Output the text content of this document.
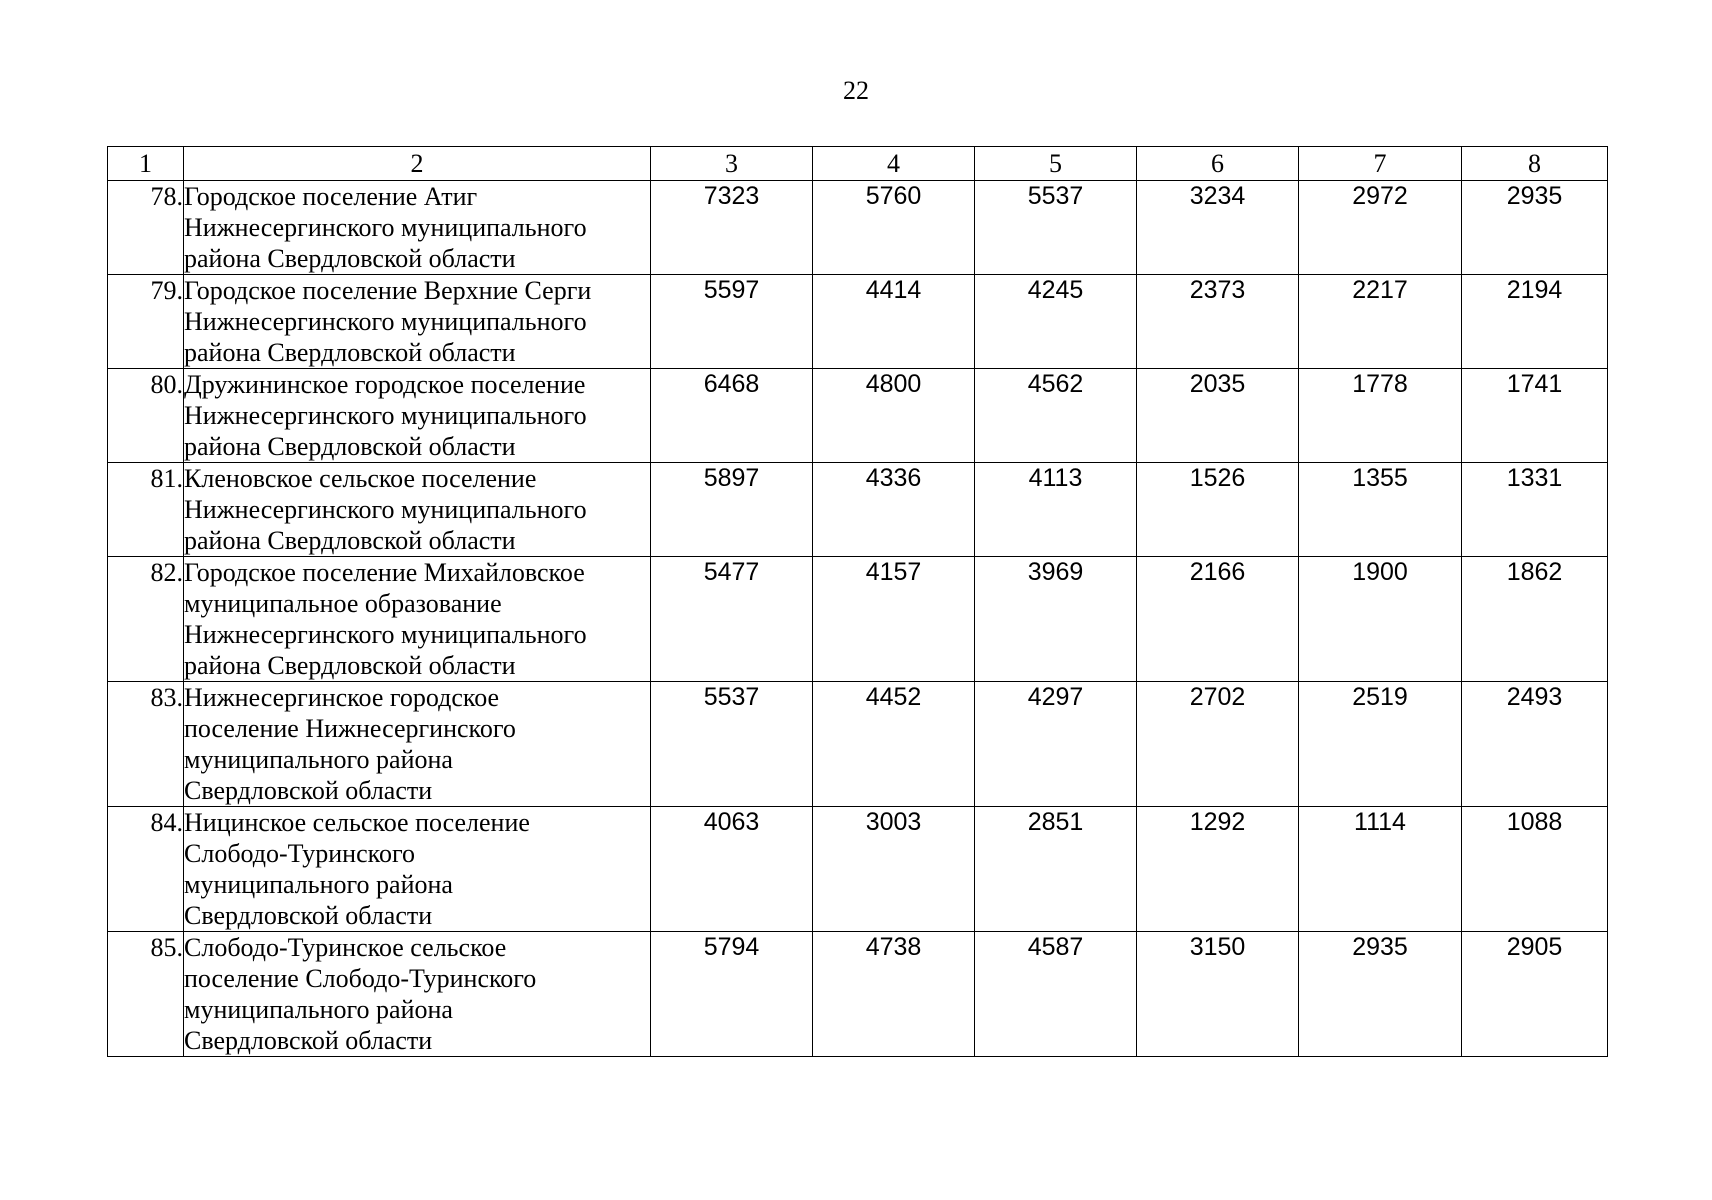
22
1	2	3	4	5	6	7	8
78.	Городское поселение Атиг
Нижнесергинского муниципального
района Свердловской области	7323	5760	5537	3234	2972	2935
79.	Городское поселение Верхние Серги
Нижнесергинского муниципального
района Свердловской области	5597	4414	4245	2373	2217	2194
80.	Дружининское городское поселение
Нижнесергинского муниципального
района Свердловской области	6468	4800	4562	2035	1778	1741
81.	Кленовское сельское поселение
Нижнесергинского муниципального
района Свердловской области	5897	4336	4113	1526	1355	1331
82.	Городское поселение Михайловское
муниципальное образование
Нижнесергинского муниципального
района Свердловской области	5477	4157	3969	2166	1900	1862
83.	Нижнесергинское городское
поселение Нижнесергинского
муниципального района
Свердловской области	5537	4452	4297	2702	2519	2493
84.	Ницинское сельское поселение
Слободо-Туринского
муниципального района
Свердловской области	4063	3003	2851	1292	1114	1088
85.	Слободо-Туринское сельское
поселение Слободо-Туринского
муниципального района
Свердловской области	5794	4738	4587	3150	2935	2905
